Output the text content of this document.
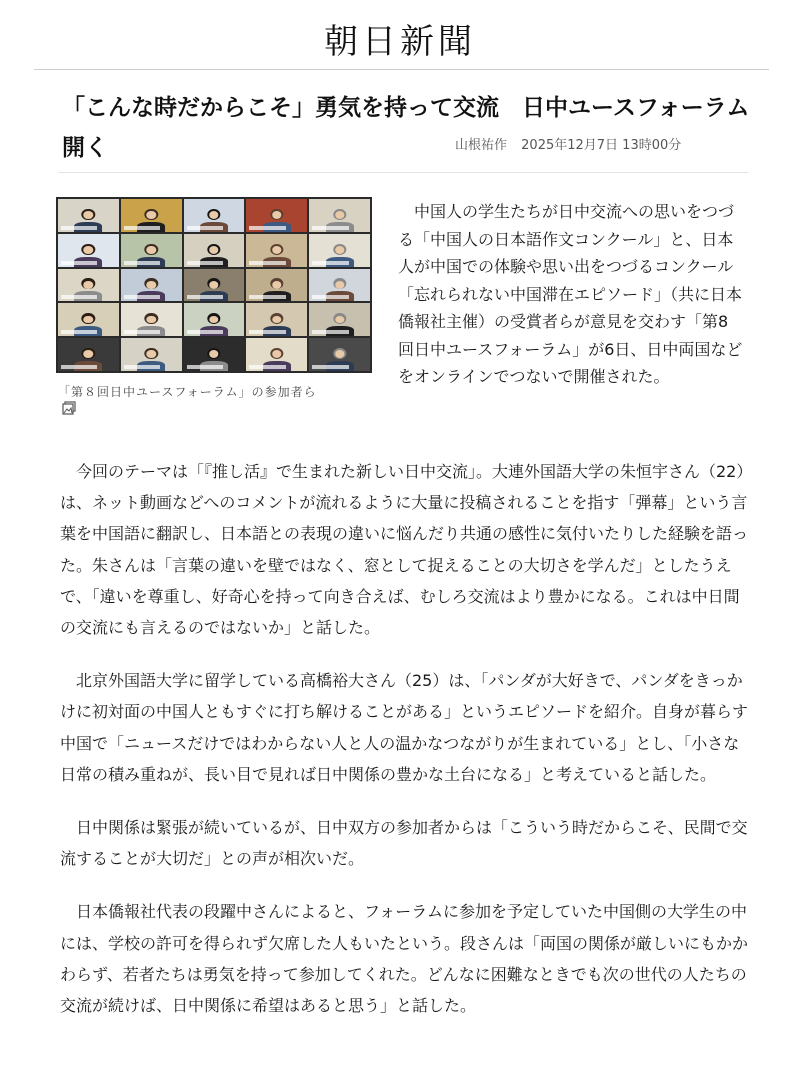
朝日新聞
「こんな時だからこそ」勇気を持って交流　日中ユースフォーラム開く	山根祐作 2025年12月7日 13時00分

「第８回日中ユースフォーラム」の参加者ら

中国人の学生たちが日中交流への思いをつづる「中国人の日本語作文コンクール」と、日本人が中国での体験や思い出をつづるコンクール「忘れられない中国滞在エピソード」（共に日本僑報社主催）の受賞者らが意見を交わす「第8回日中ユースフォーラム」が6日、日中両国などをオンラインでつないで開催された。

今回のテーマは「『推し活』で生まれた新しい日中交流」。大連外国語大学の朱恒宇さん（22）は、ネット動画などへのコメントが流れるように大量に投稿されることを指す「弾幕」という言葉を中国語に翻訳し、日本語との表現の違いに悩んだり共通の感性に気付いたりした経験を語った。朱さんは「言葉の違いを壁ではなく、窓として捉えることの大切さを学んだ」としたうえで、「違いを尊重し、好奇心を持って向き合えば、むしろ交流はより豊かになる。これは中日間の交流にも言えるのではないか」と話した。

北京外国語大学に留学している高橋裕大さん（25）は、「パンダが大好きで、パンダをきっかけに初対面の中国人ともすぐに打ち解けることがある」というエピソードを紹介。自身が暮らす中国で「ニュースだけではわからない人と人の温かなつながりが生まれている」とし、「小さな日常の積み重ねが、長い目で見れば日中関係の豊かな土台になる」と考えていると話した。

日中関係は緊張が続いているが、日中双方の参加者からは「こういう時だからこそ、民間で交流することが大切だ」との声が相次いだ。

日本僑報社代表の段躍中さんによると、フォーラムに参加を予定していた中国側の大学生の中には、学校の許可を得られず欠席した人もいたという。段さんは「両国の関係が厳しいにもかかわらず、若者たちは勇気を持って参加してくれた。どんなに困難なときでも次の世代の人たちの交流が続けば、日中関係に希望はあると思う」と話した。
